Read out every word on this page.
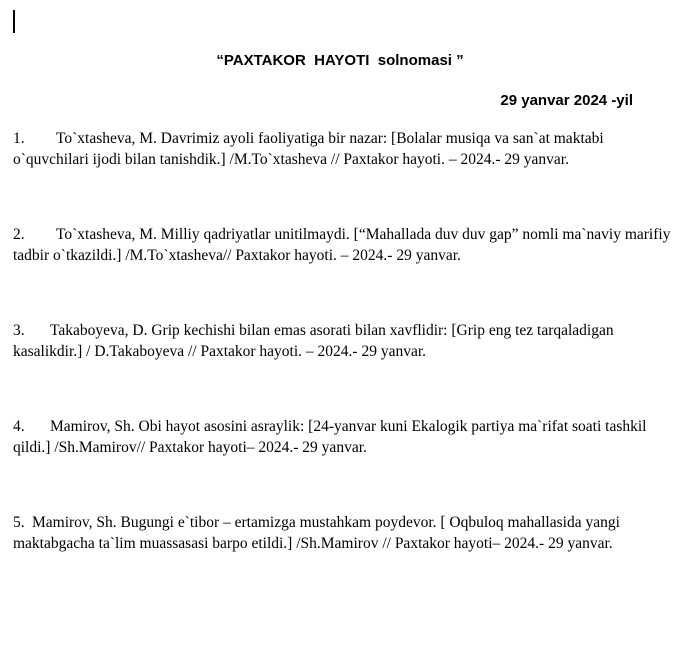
“PAXTAKOR  HAYOTI  solnomasi ”
29 yanvar 2024 -yil
1. To`xtasheva, M. Davrimiz ayoli faoliyatiga bir nazar: [Bolalar musiqa va san`at maktabi o`quvchilari ijodi bilan tanishdik.] /M.To`xtasheva // Paxtakor hayoti. – 2024.- 29 yanvar.
2. To`xtasheva, M. Milliy qadriyatlar unitilmaydi. [“Mahallada duv duv gap” nomli ma`naviy marifiy tadbir o`tkazildi.] /M.To`xtasheva// Paxtakor hayoti. – 2024.- 29 yanvar.
3. Takaboyeva, D. Grip kechishi bilan emas asorati bilan xavflidir: [Grip eng tez tarqaladigan kasalikdir.] / D.Takaboyeva // Paxtakor hayoti. – 2024.- 29 yanvar.
4. Mamirov, Sh. Obi hayot asosini asraylik: [24-yanvar kuni Ekalogik partiya ma`rifat soati tashkil qildi.] /Sh.Mamirov// Paxtakor hayoti– 2024.- 29 yanvar.
5. Mamirov, Sh. Bugungi e`tibor – ertamizga mustahkam poydevor. [ Oqbuloq mahallasida yangi maktabgacha ta`lim muassasasi barpo etildi.] /Sh.Mamirov // Paxtakor hayoti– 2024.- 29 yanvar.
